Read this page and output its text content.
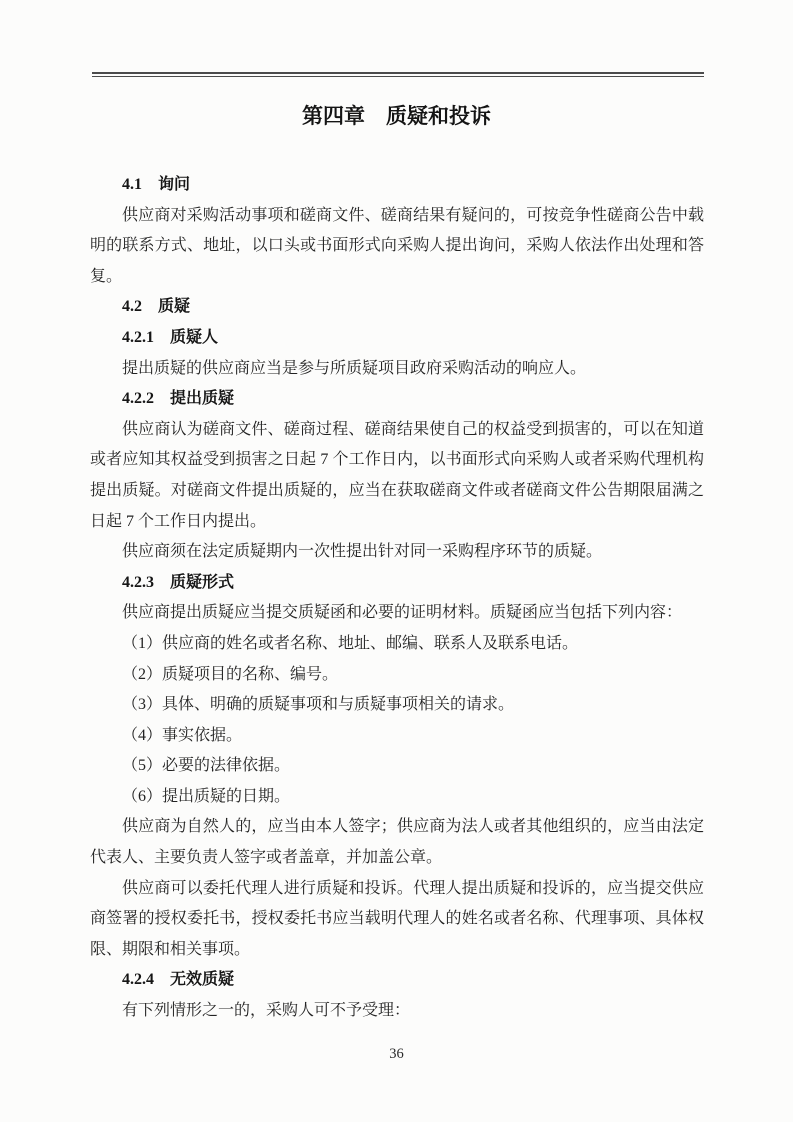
第四章　质疑和投诉

4.1　询问

供应商对采购活动事项和磋商文件、磋商结果有疑问的，可按竞争性磋商公告中载明的联系方式、地址，以口头或书面形式向采购人提出询问，采购人依法作出处理和答复。

4.2　质疑

4.2.1　质疑人

提出质疑的供应商应当是参与所质疑项目政府采购活动的响应人。

4.2.2　提出质疑

供应商认为磋商文件、磋商过程、磋商结果使自己的权益受到损害的，可以在知道或者应知其权益受到损害之日起 7 个工作日内，以书面形式向采购人或者采购代理机构提出质疑。对磋商文件提出质疑的，应当在获取磋商文件或者磋商文件公告期限届满之日起 7 个工作日内提出。

供应商须在法定质疑期内一次性提出针对同一采购程序环节的质疑。

4.2.3　质疑形式

供应商提出质疑应当提交质疑函和必要的证明材料。质疑函应当包括下列内容：

（1）供应商的姓名或者名称、地址、邮编、联系人及联系电话。

（2）质疑项目的名称、编号。

（3）具体、明确的质疑事项和与质疑事项相关的请求。

（4）事实依据。

（5）必要的法律依据。

（6）提出质疑的日期。

供应商为自然人的，应当由本人签字；供应商为法人或者其他组织的，应当由法定代表人、主要负责人签字或者盖章，并加盖公章。

供应商可以委托代理人进行质疑和投诉。代理人提出质疑和投诉的，应当提交供应商签署的授权委托书，授权委托书应当载明代理人的姓名或者名称、代理事项、具体权限、期限和相关事项。

4.2.4　无效质疑

有下列情形之一的，采购人可不予受理：

36
